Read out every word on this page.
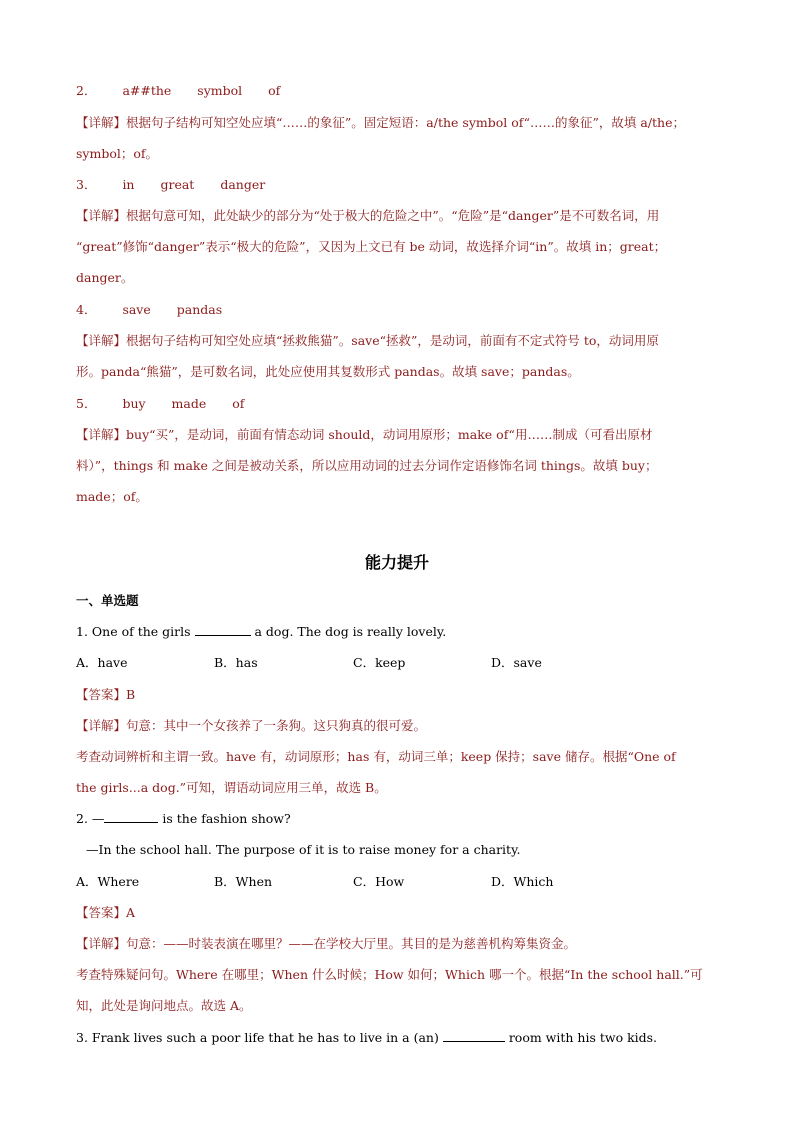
2． a##the symbol of
【详解】根据句子结构可知空处应填“……的象征”。固定短语：a/the symbol of“……的象征”，故填 a/the；
symbol；of。
3． in great danger
【详解】根据句意可知，此处缺少的部分为“处于极大的危险之中”。“危险”是“danger”是不可数名词，用
“great”修饰“danger”表示“极大的危险”，又因为上文已有 be 动词，故选择介词“in”。故填 in；great；
danger。
4． save pandas
【详解】根据句子结构可知空处应填“拯救熊猫”。save“拯救”，是动词，前面有不定式符号 to，动词用原
形。panda“熊猫”，是可数名词，此处应使用其复数形式 pandas。故填 save；pandas。
5． buy made of
【详解】buy“买”，是动词，前面有情态动词 should，动词用原形；make of“用……制成（可看出原材
料）”，things 和 make 之间是被动关系，所以应用动词的过去分词作定语修饰名词 things。故填 buy；
made；of。
能力提升
一、单选题
1. One of the girls	a dog. The dog is really lovely.
A．have	B．has	C．keep	D．save
【答案】B
【详解】句意：其中一个女孩养了一条狗。这只狗真的很可爱。
考查动词辨析和主谓一致。have 有，动词原形；has 有，动词三单；keep 保持；save 储存。根据“One of
the girls...a dog.”可知，谓语动词应用三单，故选 B。
2. —	is the fashion show?
—In the school hall. The purpose of it is to raise money for a charity.
A．Where	B．When	C．How	D．Which
【答案】A
【详解】句意：——时装表演在哪里？——在学校大厅里。其目的是为慈善机构筹集资金。
考查特殊疑问句。Where 在哪里；When 什么时候；How 如何；Which 哪一个。根据“In the school hall.”可
知，此处是询问地点。故选 A。
3. Frank lives such a poor life that he has to live in a (an)	room with his two kids.
